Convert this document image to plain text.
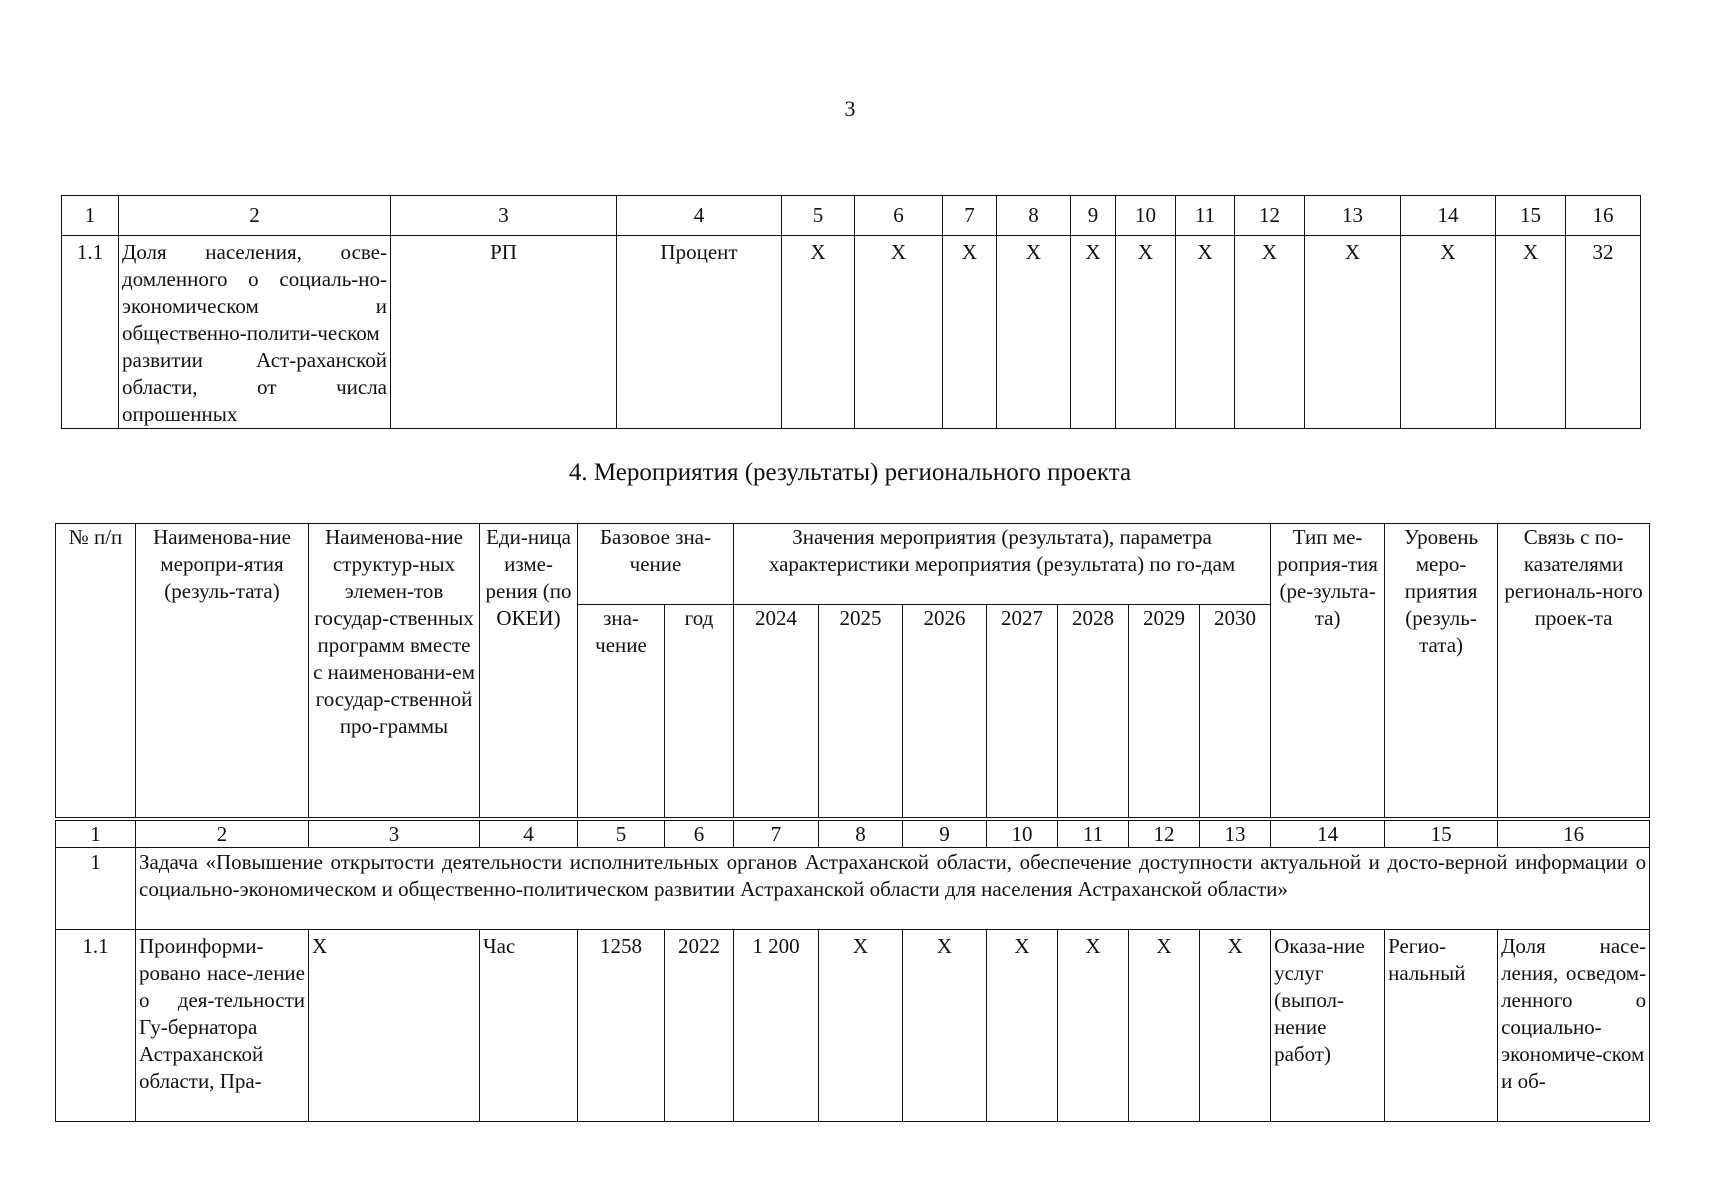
3
1	2	3	4	5	6	7	8	9	10	11	12	13	14	15	16
1.1	Доля населения, осве-домленного о социаль-но-экономическом и общественно-полити-ческом развитии Аст-раханской области, от числа опрошенных	РП	Процент	X	X	X	X	X	X	X	X	X	X	X	32
4. Мероприятия (результаты) регионального проекта
№ п/п	Наименова-ние меропри-ятия (резуль-тата)	Наименова-ние структур-ных элемен-тов государ-ственных программ вместе с наименовани-ем государ-ственной про-граммы	Еди-ница изме-рения (по ОКЕИ)	Базовое зна-чение		Значения мероприятия (результата), параметра характеристики мероприятия (результата) по го-дам							Тип ме-роприя-тия (ре-зульта-та)	Уровень меро-приятия (резуль-тата)	Связь с по-казателями региональ-ного проек-та
				зна-чение	год	2024	2025	2026	2027	2028	2029	2030			
1	2	3	4	5	6	7	8	9	10	11	12	13	14	15	16
1	Задача «Повышение открытости деятельности исполнительных органов Астраханской области, обеспечение доступности актуальной и досто-верной информации о социально-экономическом и общественно-политическом развитии Астраханской области для населения Астраханской области»														
1.1	Проинформи-ровано насе-ление о дея-тельности Гу-бернатора Астраханской области, Пра-	X	Час	1258	2022	1 200	X	X	X	X	X	X	Оказа-ние услуг (выпол-нение работ)	Регио-нальный	Доля насе-ления, осведом-ленного о социально-экономиче-ском и об-
